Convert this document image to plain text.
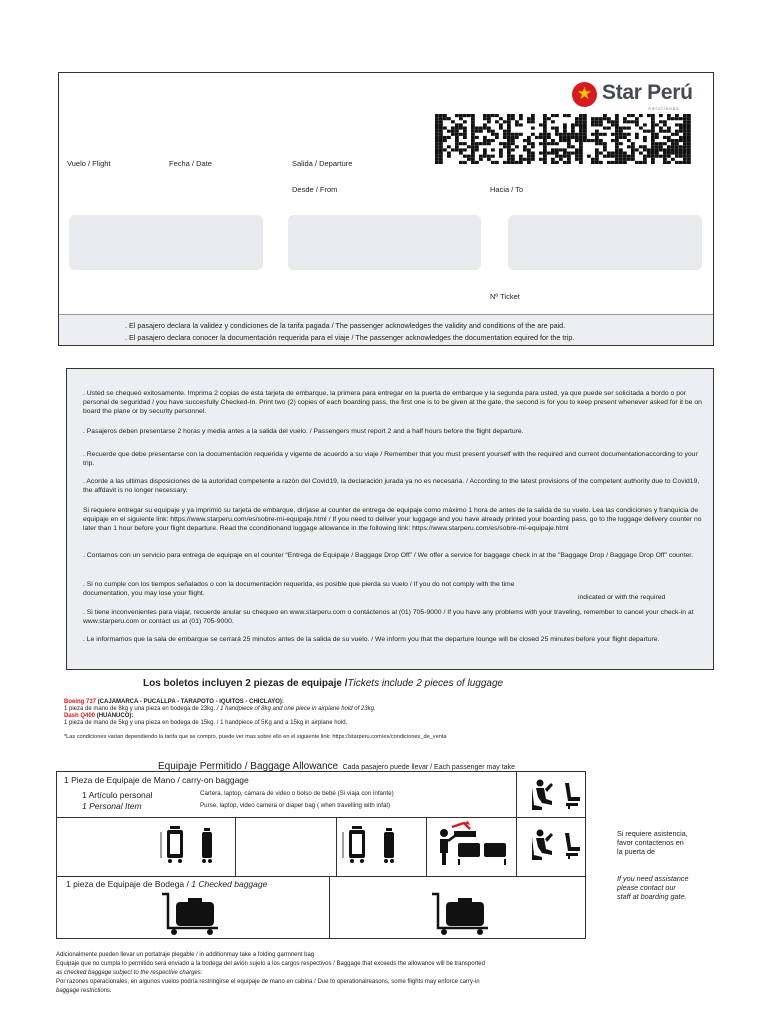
★ Star Perú
Aerolíneas
Vuelo / Flight	Fecha / Date	Salida / Departure
Desde / From	Hacia / To
Nº Ticket
. El pasajero declara la validez y condiciones de la tarifa pagada / The passenger acknowledges the validity and conditions of the are paid.
. El pasajero declara conocer la documentación requerida para el viaje / The passenger acknowledges the documentation equired for the trip.
. Usted se chequeó exitosamente. Imprima 2 copias de esta tarjeta de embarque, la primera para entregar en la puerta de embarque y la segunda para usted, ya que puede ser solicitada a bordo o por personal de seguridad / you have succesfully Checked-In. Print two (2) copies of each boarding pass, the first one is to be given at the gate, the second is for you to keep present whenever asked for it be on board the plane or by security personnel.
. Pasajeros deben presentarse 2 horas y media antes a la salida del vuelo. / Passengers must report 2 and a half hours before the flight departure.
. Recuerde que debe presentarse con la documentación requerida y vigente de acuerdo a su viaje / Remember that you must present yourself with the required and current documentationaccording to your trip.
. Acorde a las ultimas disposiciones de la autoridad competente a razón del Covid19, la declaración jurada ya no es necesaria. / According to the latest provisions of the competent authority due to Covid19, the affdavit is no longer necessary.
Si requiere entregar su equipaje y ya imprimió su tarjeta de embarque, diríjase al counter de entrega de equipaje como máximo 1 hora de antes de la salida de su vuelo. Lea las condiciones y franquicia de equipaje en el siguiente link: https://www.starperu.com/es/sobre-mi-equipaje.html / If you need to deliver your luggage and you have already printed your boarding pass, go to the luggage delivery counter no later than 1 hour before your flight departure. Read the cconditionand luggage allowance in the following link: https://www.starperu.com/es/sobre-mi-equipaje.html
. Contamos con un servicio para entrega de equipaje en el counter “Entrega de Equipaje / Baggage Drop Off” / We offer a service for baggage check in at the "Baggage Drop / Baggage Drop Off" counter.
. Si no cumple con los tiempos señalados o con la documentación requerida, es posible que pierda su vuelo / If you do not comply with the time documentation, you may lose your flight.
indicated or with the required
. Si tiene inconvenientes para viajar, recuerde anular su chequeo en www.starperu.com o contáctenos al (01) 705-9000 / If you have any problems with your traveling, remember to cancel your check-in at www.starperu.com or contact us at (01) 705-9000.
. Le informamos que la sala de embarque se cerrará 25 minutos antes de la salida de su vuelo. / We inform you that the departure lounge will be closed 25 minutes before your flight departure.
Los boletos incluyen 2 piezas de equipaje /Tickets include 2 pieces of luggage
Boeing 737 (CAJAMARCA - PUCALLPA - TARAPOTO - IQUITOS - CHICLAYO):
1 pieza de mano de 8kg y una pieza en bodega de 23kg. / 1 handpiece of 8kg and one piece in airplane hold of 23kg.
Dash Q400 (HUANUCO):
1 pieza de mano de 5kg y una pieza en bodega de 15kg. / 1 handpiece of 5Kg and a 15kg in airplane hold.
*Las condiciones varían dependiendo la tarifa que se compro, puede ver mas sobre ello en el siguiente link: https://starperu.com/es/condiciones_de_venta
Equipaje Permitido / Baggage Allowance Cada pasajero puede llevar / Each passenger may take
1 Pieza de Equipaje de Mano / carry-on baggage
1 Artículo personal
1 Personal Item
Cartera, laptop, cámara de video o bolso de bebé (Si viaja con infante)
Purse, laptop, video camera or diaper bag ( when travelling with infat)
1 pieza de Equipaje de Bodega / 1 Checked baggage
Si requiere asistencia,
favor contactenos en
la puerta de
If you need assistance
please contact our
staff at boarding gate.
Adicionalmente pueden llevar un portatraje plegable / in additionmay take a folding garmnent bag
Equipaje que no cumpla lo permitido será enviado a la bodega del avión sujeto a los cargos respectivos / Baggage that exceeds the allowance will be transported
as checked baggage subject to the respective charges:
Por razones operacionales, en algunos vuelos podría restringirse el equipaje de mano en cabina / Due to operationalreasons, some flights may enforce carry-in
baggage restrictions.
